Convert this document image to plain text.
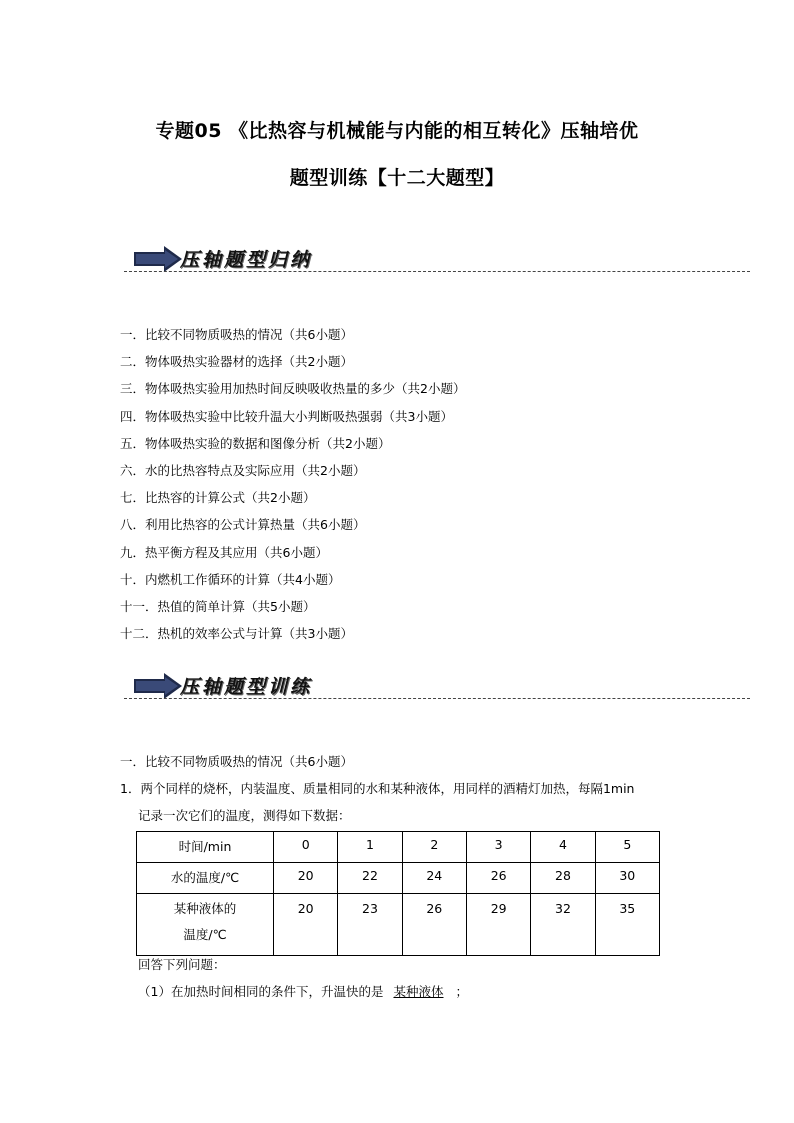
专题05 《比热容与机械能与内能的相互转化》压轴培优
题型训练【十二大题型】
压轴题型归纳
一．比较不同物质吸热的情况（共6小题）
二．物体吸热实验器材的选择（共2小题）
三．物体吸热实验用加热时间反映吸收热量的多少（共2小题）
四．物体吸热实验中比较升温大小判断吸热强弱（共3小题）
五．物体吸热实验的数据和图像分析（共2小题）
六．水的比热容特点及实际应用（共2小题）
七．比热容的计算公式（共2小题）
八．利用比热容的公式计算热量（共6小题）
九．热平衡方程及其应用（共6小题）
十．内燃机工作循环的计算（共4小题）
十一．热值的简单计算（共5小题）
十二．热机的效率公式与计算（共3小题）
压轴题型训练
一．比较不同物质吸热的情况（共6小题）
1．两个同样的烧杯，内装温度、质量相同的水和某种液体，用同样的酒精灯加热，每隔1min
记录一次它们的温度，测得如下数据：
时间/min	0	1	2	3	4	5
水的温度/℃	20	22	24	26	28	30

某种液体的
温度/℃	20	23	26	29	32	35
回答下列问题：
（1）在加热时间相同的条件下，升温快的是 某种液体 ；
